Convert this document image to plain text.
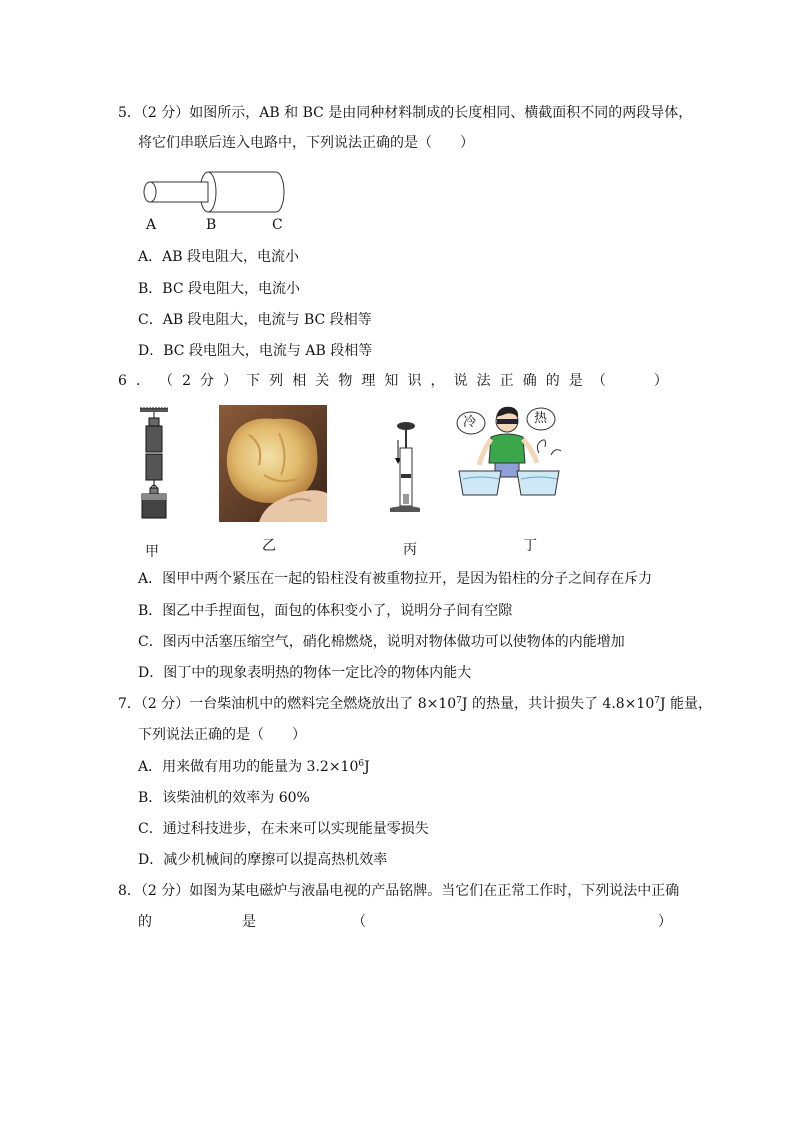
5．（2 分）如图所示，AB 和 BC 是由同种材料制成的长度相同、横截面积不同的两段导体，
将它们串联后连入电路中，下列说法正确的是（　　）
A	B	C
A．AB 段电阻大，电流小
B．BC 段电阻大，电流小
C．AB 段电阻大，电流与 BC 段相等
D．BC 段电阻大，电流与 AB 段相等
6 ． （ 2 分 ） 下 列 相 关 物 理 知 识 ， 说 法 正 确 的 是 （	）
冷	热
甲	乙	丙	丁
A．图甲中两个紧压在一起的铅柱没有被重物拉开，是因为铅柱的分子之间存在斥力
B．图乙中手捏面包，面包的体积变小了，说明分子间有空隙
C．图丙中活塞压缩空气，硝化棉燃烧，说明对物体做功可以使物体的内能增加
D．图丁中的现象表明热的物体一定比冷的物体内能大
7．（2 分）一台柴油机中的燃料完全燃烧放出了 $8\times 10^7J$ 的热量，共计损失了 $4.8\times 10^7J$ 能量，
下列说法正确的是（　　）
A．用来做有用功的能量为 $3.2\times 10^6J$
B．该柴油机的效率为 60%
C．通过科技进步，在未来可以实现能量零损失
D．减少机械间的摩擦可以提高热机效率
8．（2 分）如图为某电磁炉与液晶电视的产品铭牌。当它们在正常工作时，下列说法中正确
的	是	（	）
